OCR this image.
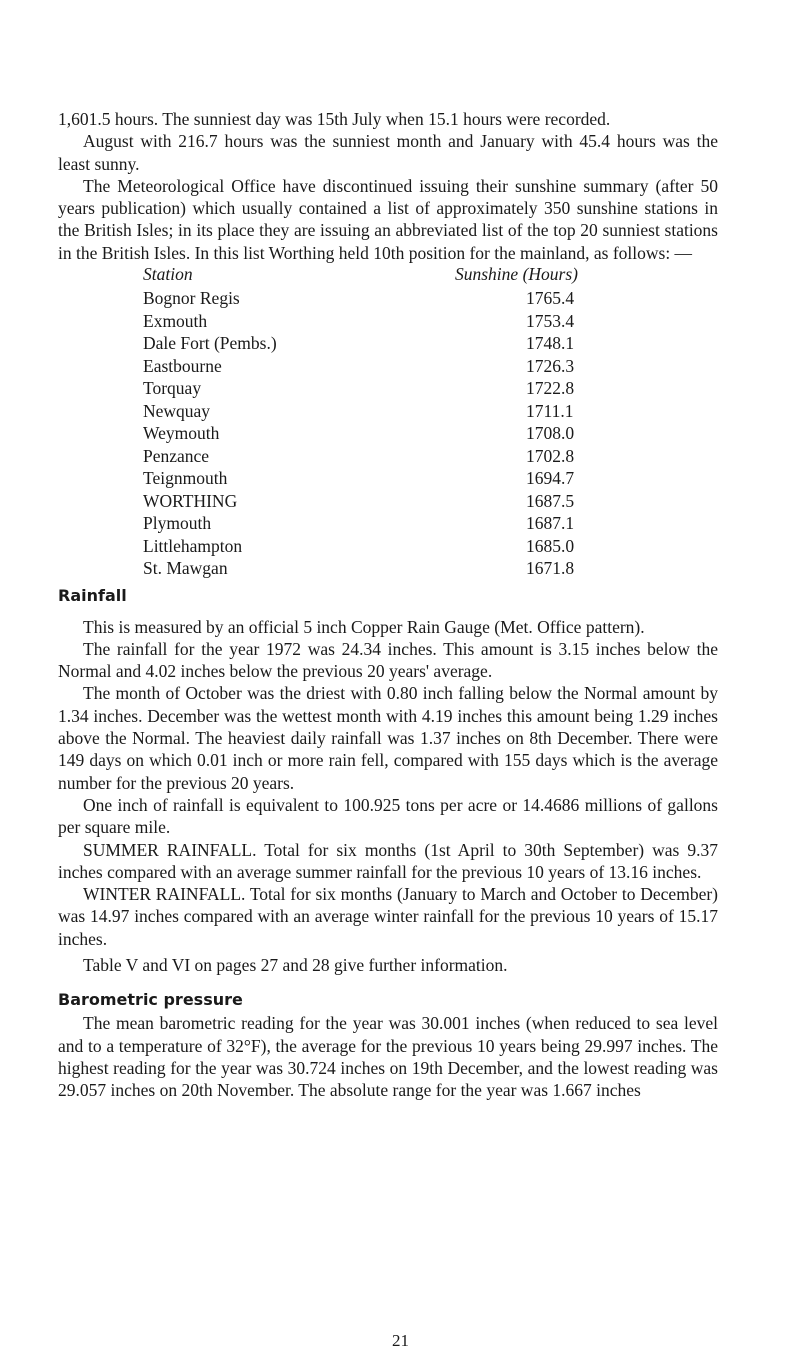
1,601.5 hours. The sunniest day was 15th July when 15.1 hours were recorded.

August with 216.7 hours was the sunniest month and January with 45.4 hours was the least sunny.

The Meteorological Office have discontinued issuing their sunshine summary (after 50 years publication) which usually contained a list of approximately 350 sunshine stations in the British Isles; in its place they are issuing an abbreviated list of the top 20 sunniest stations in the British Isles. In this list Worthing held 10th position for the mainland, as follows: —

Station	Sunshine (Hours)
Bognor Regis	1765.4
Exmouth	1753.4
Dale Fort (Pembs.)	1748.1
Eastbourne	1726.3
Torquay	1722.8
Newquay	1711.1
Weymouth	1708.0
Penzance	1702.8
Teignmouth	1694.7
WORTHING	1687.5
Plymouth	1687.1
Littlehampton	1685.0
St. Mawgan	1671.8
Rainfall

This is measured by an official 5 inch Copper Rain Gauge (Met. Office pattern).

The rainfall for the year 1972 was 24.34 inches. This amount is 3.15 inches below the Normal and 4.02 inches below the previous 20 years' average.

The month of October was the driest with 0.80 inch falling below the Normal amount by 1.34 inches. December was the wettest month with 4.19 inches this amount being 1.29 inches above the Normal. The heaviest daily rainfall was 1.37 inches on 8th December. There were 149 days on which 0.01 inch or more rain fell, compared with 155 days which is the average number for the previous 20 years.

One inch of rainfall is equivalent to 100.925 tons per acre or 14.4686 millions of gallons per square mile.

SUMMER RAINFALL. Total for six months (1st April to 30th September) was 9.37 inches compared with an average summer rainfall for the previous 10 years of 13.16 inches.

WINTER RAINFALL. Total for six months (January to March and October to December) was 14.97 inches compared with an average winter rainfall for the previous 10 years of 15.17 inches.

Table V and VI on pages 27 and 28 give further information.

Barometric pressure

The mean barometric reading for the year was 30.001 inches (when reduced to sea level and to a temperature of 32°F), the average for the previous 10 years being 29.997 inches. The highest reading for the year was 30.724 inches on 19th December, and the lowest reading was 29.057 inches on 20th November. The absolute range for the year was 1.667 inches

21
